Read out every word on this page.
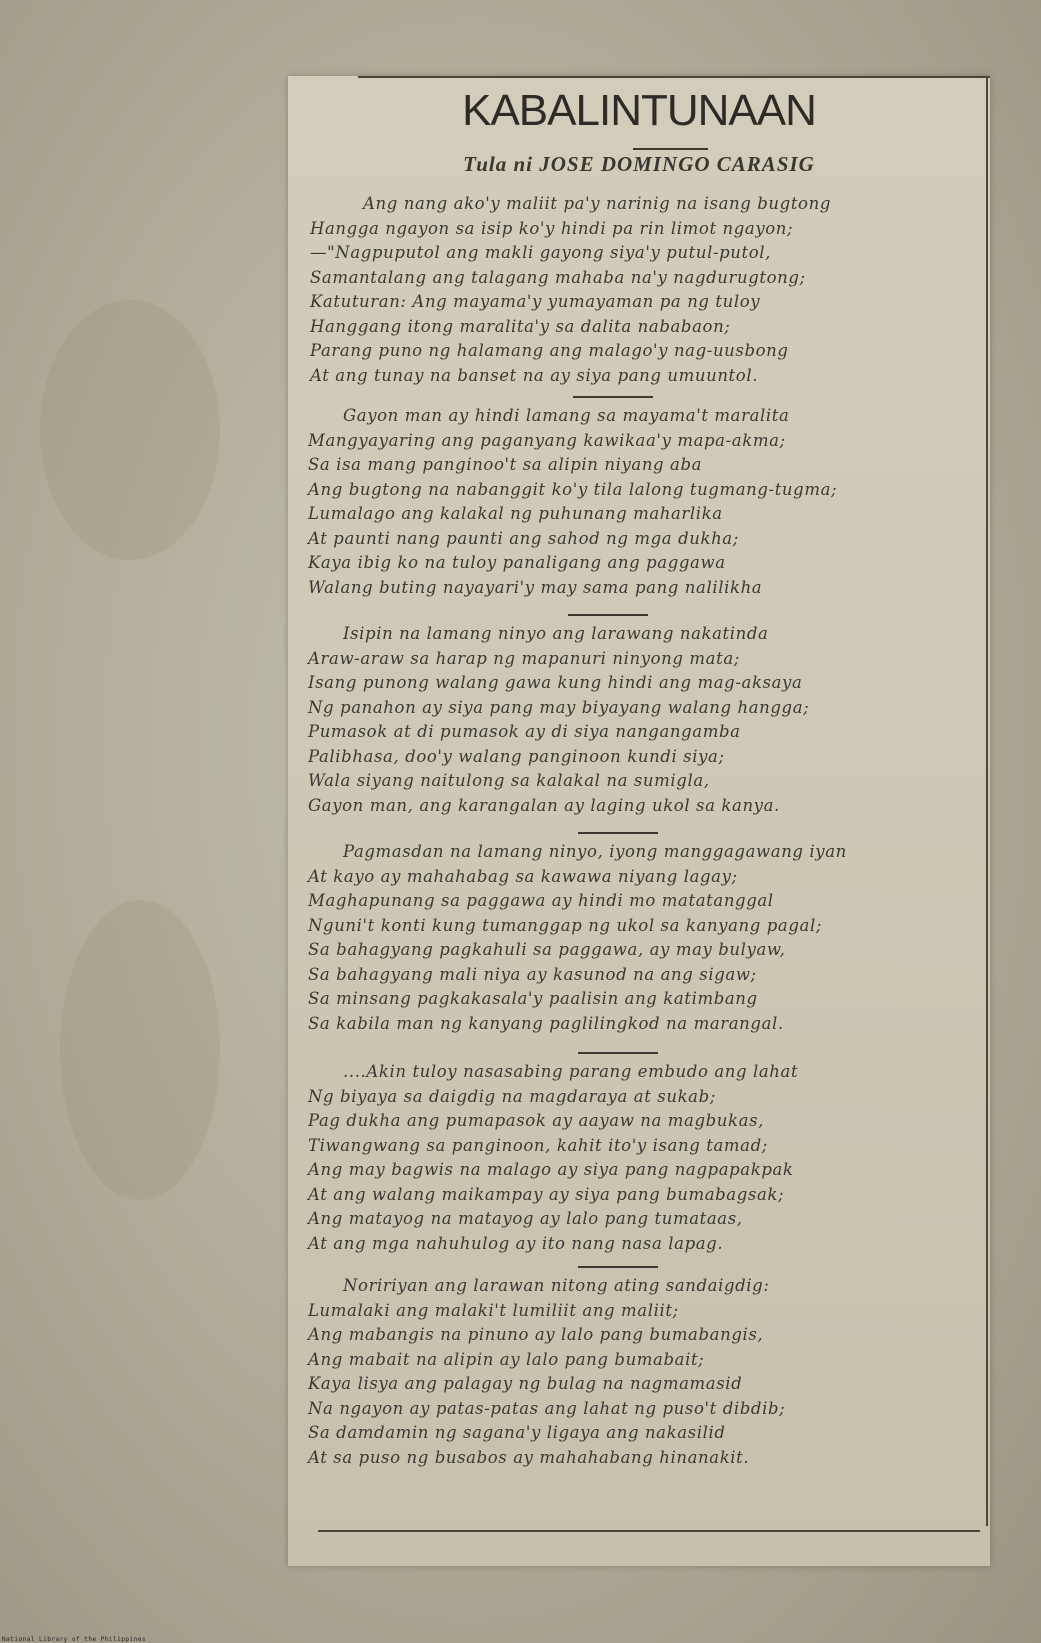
KABALINTUNAAN
Tula ni JOSE DOMINGO CARASIG
Ang nang ako'y maliit pa'y narinig na isang bugtong
Hangga ngayon sa isip ko'y hindi pa rin limot ngayon;
—"Nagpuputol ang makli gayong siya'y putul-putol,
Samantalang ang talagang mahaba na'y nagdurugtong;
Katuturan: Ang mayama'y yumayaman pa ng tuloy
Hanggang itong maralita'y sa dalita nababaon;
Parang puno ng halamang ang malago'y nag-uusbong
At ang tunay na banset na ay siya pang umuuntol.
Gayon man ay hindi lamang sa mayama't maralita
Mangyayaring ang paganyang kawikaa'y mapa-akma;
Sa isa mang panginoo't sa alipin niyang aba
Ang bugtong na nabanggit ko'y tila lalong tugmang-tugma;
Lumalago ang kalakal ng puhunang maharlika
At paunti nang paunti ang sahod ng mga dukha;
Kaya ibig ko na tuloy panaligang ang paggawa
Walang buting nayayari'y may sama pang nalilikha
Isipin na lamang ninyo ang larawang nakatinda
Araw-araw sa harap ng mapanuri ninyong mata;
Isang punong walang gawa kung hindi ang mag-aksaya
Ng panahon ay siya pang may biyayang walang hangga;
Pumasok at di pumasok ay di siya nangangamba
Palibhasa, doo'y walang panginoon kundi siya;
Wala siyang naitulong sa kalakal na sumigla,
Gayon man, ang karangalan ay laging ukol sa kanya.
Pagmasdan na lamang ninyo, iyong manggagawang iyan
At kayo ay mahahabag sa kawawa niyang lagay;
Maghapunang sa paggawa ay hindi mo matatanggal
Nguni't konti kung tumanggap ng ukol sa kanyang pagal;
Sa bahagyang pagkahuli sa paggawa, ay may bulyaw,
Sa bahagyang mali niya ay kasunod na ang sigaw;
Sa minsang pagkakasala'y paalisin ang katimbang
Sa kabila man ng kanyang paglilingkod na marangal.
....Akin tuloy nasasabing parang embudo ang lahat
Ng biyaya sa daigdig na magdaraya at sukab;
Pag dukha ang pumapasok ay aayaw na magbukas,
Tiwangwang sa panginoon, kahit ito'y isang tamad;
Ang may bagwis na malago ay siya pang nagpapakpak
At ang walang maikampay ay siya pang bumabagsak;
Ang matayog na matayog ay lalo pang tumataas,
At ang mga nahuhulog ay ito nang nasa lapag.
Noririyan ang larawan nitong ating sandaigdig:
Lumalaki ang malaki't lumiliit ang maliit;
Ang mabangis na pinuno ay lalo pang bumabangis,
Ang mabait na alipin ay lalo pang bumabait;
Kaya lisya ang palagay ng bulag na nagmamasid
Na ngayon ay patas-patas ang lahat ng puso't dibdib;
Sa damdamin ng sagana'y ligaya ang nakasilid
At sa puso ng busabos ay mahahabang hinanakit.
National Library of the Philippines
